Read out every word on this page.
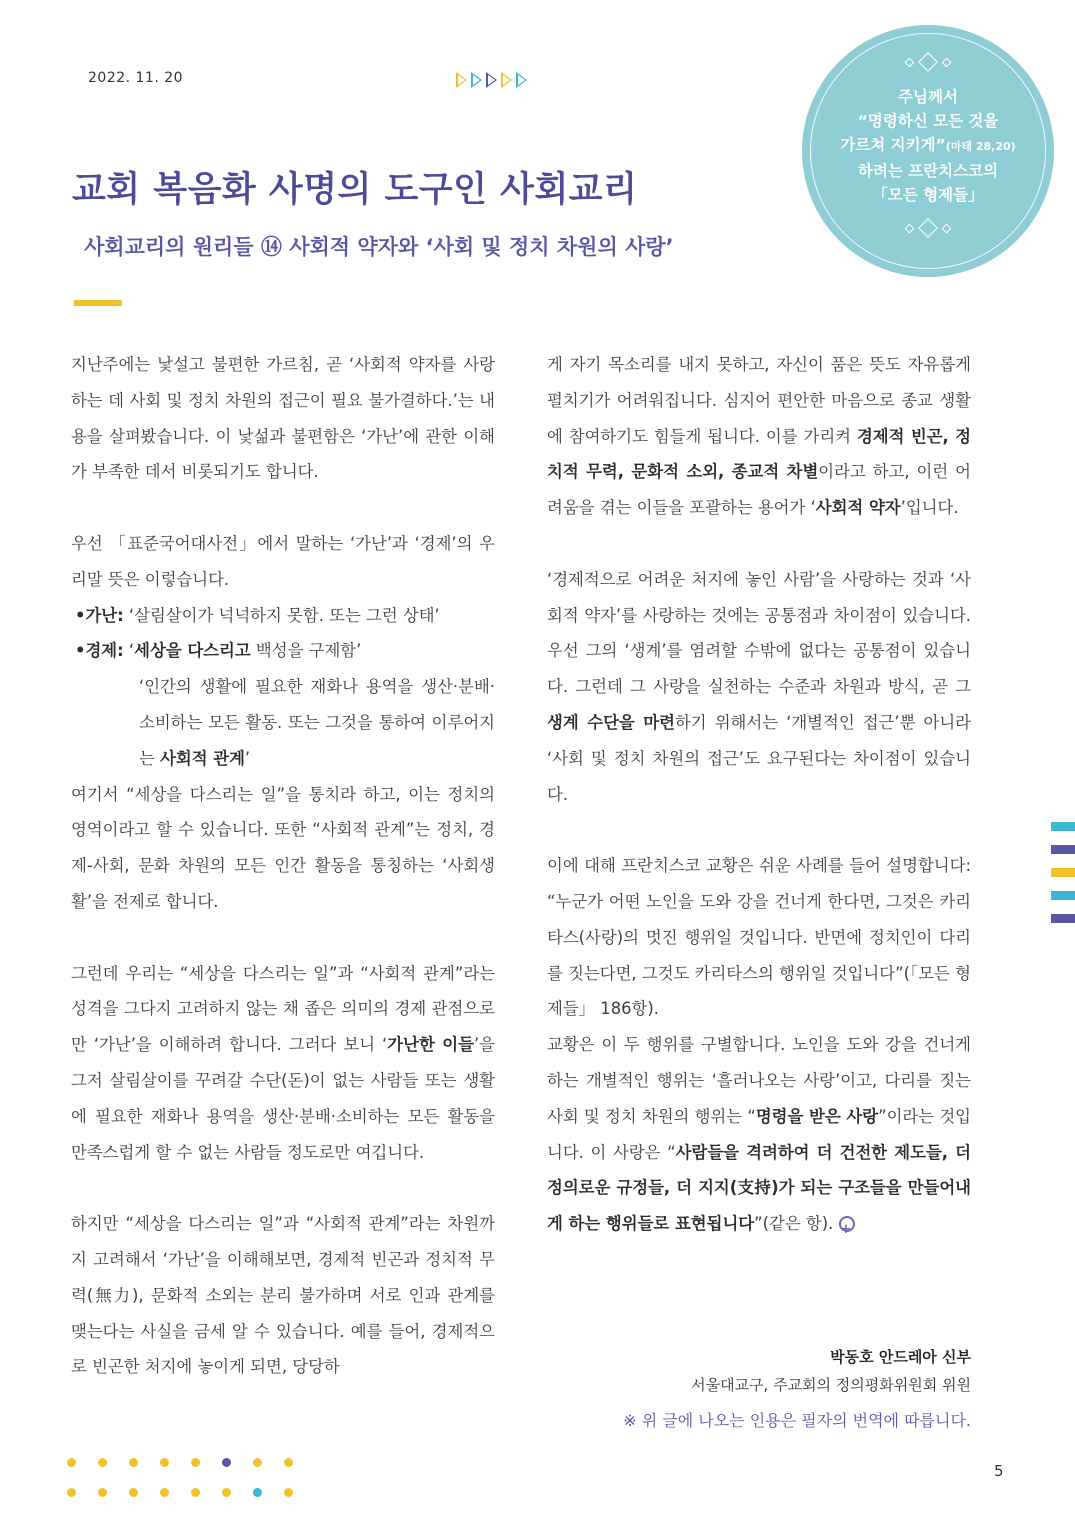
2022. 11. 20
주님께서
“명령하신 모든 것을
가르쳐 지키게”(마태 28,20)
하려는 프란치스코의
「모든 형제들」
교회 복음화 사명의 도구인 사회교리
사회교리의 원리들 ⑭ 사회적 약자와 ‘사회 및 정치 차원의 사랑’

지난주에는 낯설고 불편한 가르침, 곧 ‘사회적 약자를 사랑하는 데 사회 및 정치 차원의 접근이 필요 불가결하다.’는 내용을 살펴봤습니다. 이 낯섦과 불편함은 ‘가난’에 관한 이해가 부족한 데서 비롯되기도 합니다.

우선 「표준국어대사전」에서 말하는 ‘가난’과 ‘경제’의 우리말 뜻은 이렇습니다.

•가난: ‘살림살이가 넉넉하지 못함. 또는 그런 상태’

•경제: ‘세상을 다스리고 백성을 구제함’

‘인간의 생활에 필요한 재화나 용역을 생산·분배·소비하는 모든 활동. 또는 그것을 통하여 이루어지는 사회적 관계’

여기서 “세상을 다스리는 일”을 통치라 하고, 이는 정치의 영역이라고 할 수 있습니다. 또한 “사회적 관계”는 정치, 경제-사회, 문화 차원의 모든 인간 활동을 통칭하는 ‘사회생활’을 전제로 합니다.

그런데 우리는 “세상을 다스리는 일”과 “사회적 관계”라는 성격을 그다지 고려하지 않는 채 좁은 의미의 경제 관점으로만 ‘가난’을 이해하려 합니다. 그러다 보니 ‘가난한 이들’을 그저 살림살이를 꾸려갈 수단(돈)이 없는 사람들 또는 생활에 필요한 재화나 용역을 생산·분배·소비하는 모든 활동을 만족스럽게 할 수 없는 사람들 정도로만 여깁니다.

하지만 “세상을 다스리는 일”과 “사회적 관계”라는 차원까지 고려해서 ‘가난’을 이해해보면, 경제적 빈곤과 정치적 무력(無力), 문화적 소외는 분리 불가하며 서로 인과 관계를 맺는다는 사실을 금세 알 수 있습니다. 예를 들어, 경제적으로 빈곤한 처지에 놓이게 되면, 당당하

게 자기 목소리를 내지 못하고, 자신이 품은 뜻도 자유롭게 펼치기가 어려워집니다. 심지어 편안한 마음으로 종교 생활에 참여하기도 힘들게 됩니다. 이를 가리켜 경제적 빈곤, 정치적 무력, 문화적 소외, 종교적 차별이라고 하고, 이런 어려움을 겪는 이들을 포괄하는 용어가 ‘사회적 약자’입니다.

‘경제적으로 어려운 처지에 놓인 사람’을 사랑하는 것과 ‘사회적 약자’를 사랑하는 것에는 공통점과 차이점이 있습니다. 우선 그의 ‘생계’를 염려할 수밖에 없다는 공통점이 있습니다. 그런데 그 사랑을 실천하는 수준과 차원과 방식, 곧 그 생계 수단을 마련하기 위해서는 ‘개별적인 접근’뿐 아니라 ‘사회 및 정치 차원의 접근’도 요구된다는 차이점이 있습니다.

이에 대해 프란치스코 교황은 쉬운 사례를 들어 설명합니다: “누군가 어떤 노인을 도와 강을 건너게 한다면, 그것은 카리타스(사랑)의 멋진 행위일 것입니다. 반면에 정치인이 다리를 짓는다면, 그것도 카리타스의 행위일 것입니다”(「모든 형제들」 186항).

교황은 이 두 행위를 구별합니다. 노인을 도와 강을 건너게 하는 개별적인 행위는 ‘흘러나오는 사랑’이고, 다리를 짓는 사회 및 정치 차원의 행위는 “명령을 받은 사랑”이라는 것입니다. 이 사랑은 “사람들을 격려하여 더 건전한 제도들, 더 정의로운 규정들, 더 지지(支持)가 되는 구조들을 만들어내게 하는 행위들로 표현됩니다”(같은 항). +

박동호 안드레아 신부
서울대교구, 주교회의 정의평화위원회 위원
※ 위 글에 나오는 인용은 필자의 번역에 따릅니다.
5
